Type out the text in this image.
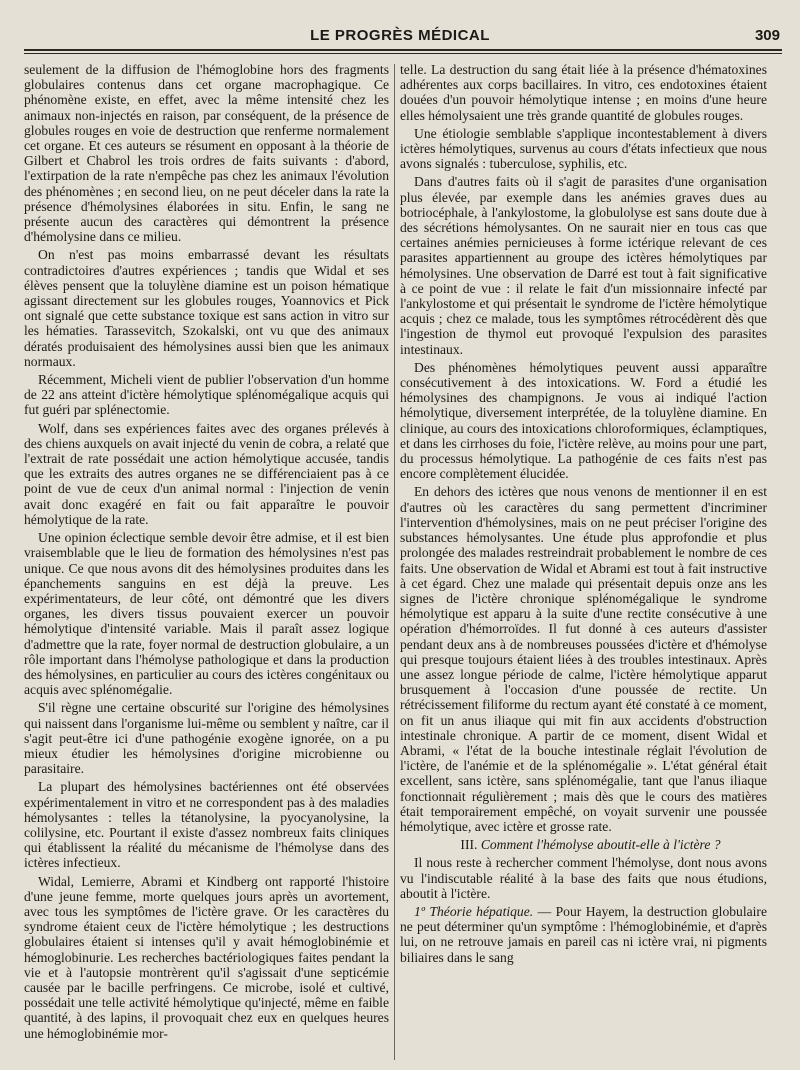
LE PROGRÈS MÉDICAL	309

seulement de la diffusion de l'hémoglobine hors des fragments globulaires contenus dans cet organe macrophagique. Ce phénomène existe, en effet, avec la même intensité chez les animaux non-injectés en raison, par conséquent, de la présence de globules rouges en voie de destruction que renferme normalement cet organe. Et ces auteurs se résument en opposant à la théorie de Gilbert et Chabrol les trois ordres de faits suivants : d'abord, l'extirpation de la rate n'empêche pas chez les animaux l'évolution des phénomènes ; en second lieu, on ne peut déceler dans la rate la présence d'hémolysines élaborées in situ. Enfin, le sang ne présente aucun des caractères qui démontrent la présence d'hémolysine dans ce milieu.

On n'est pas moins embarrassé devant les résultats contradictoires d'autres expériences ; tandis que Widal et ses élèves pensent que la toluylène diamine est un poison hématique agissant directement sur les globules rouges, Yoannovics et Pick ont signalé que cette substance toxique est sans action in vitro sur les hématies. Tarassevitch, Szokalski, ont vu que des animaux dératés produisaient des hémolysines aussi bien que les animaux normaux.

Récemment, Micheli vient de publier l'observation d'un homme de 22 ans atteint d'ictère hémolytique splénomégalique acquis qui fut guéri par splénectomie.

Wolf, dans ses expériences faites avec des organes prélevés à des chiens auxquels on avait injecté du venin de cobra, a relaté que l'extrait de rate possédait une action hémolytique accusée, tandis que les extraits des autres organes ne se différenciaient pas à ce point de vue de ceux d'un animal normal : l'injection de venin avait donc exagéré en fait ou fait apparaître le pouvoir hémolytique de la rate.

Une opinion éclectique semble devoir être admise, et il est bien vraisemblable que le lieu de formation des hémolysines n'est pas unique. Ce que nous avons dit des hémolysines produites dans les épanchements sanguins en est déjà la preuve. Les expérimentateurs, de leur côté, ont démontré que les divers organes, les divers tissus pouvaient exercer un pouvoir hémolytique d'intensité variable. Mais il paraît assez logique d'admettre que la rate, foyer normal de destruction globulaire, a un rôle important dans l'hémolyse pathologique et dans la production des hémolysines, en particulier au cours des ictères congénitaux ou acquis avec splénomégalie.

S'il règne une certaine obscurité sur l'origine des hémolysines qui naissent dans l'organisme lui-même ou semblent y naître, car il s'agit peut-être ici d'une pathogénie exogène ignorée, on a pu mieux étudier les hémolysines d'origine microbienne ou parasitaire.

La plupart des hémolysines bactériennes ont été observées expérimentalement in vitro et ne correspondent pas à des maladies hémolysantes : telles la tétanolysine, la pyocyanolysine, la colilysine, etc. Pourtant il existe d'assez nombreux faits cliniques qui établissent la réalité du mécanisme de l'hémolyse dans des ictères infectieux.

Widal, Lemierre, Abrami et Kindberg ont rapporté l'histoire d'une jeune femme, morte quelques jours après un avortement, avec tous les symptômes de l'ictère grave. Or les caractères du syndrome étaient ceux de l'ictère hémolytique ; les destructions globulaires étaient si intenses qu'il y avait hémoglobinémie et hémoglobinurie. Les recherches bactériologiques faites pendant la vie et à l'autopsie montrèrent qu'il s'agissait d'une septicémie causée par le bacille perfringens. Ce microbe, isolé et cultivé, possédait une telle activité hémolytique qu'injecté, même en faible quantité, à des lapins, il provoquait chez eux en quelques heures une hémoglobinémie mor-

telle. La destruction du sang était liée à la présence d'hématoxines adhérentes aux corps bacillaires. In vitro, ces endotoxines étaient douées d'un pouvoir hémolytique intense ; en moins d'une heure elles hémolysaient une très grande quantité de globules rouges.

Une étiologie semblable s'applique incontestablement à divers ictères hémolytiques, survenus au cours d'états infectieux que nous avons signalés : tuberculose, syphilis, etc.

Dans d'autres faits où il s'agit de parasites d'une organisation plus élevée, par exemple dans les anémies graves dues au botriocéphale, à l'ankylostome, la globulolyse est sans doute due à des sécrétions hémolysantes. On ne saurait nier en tous cas que certaines anémies pernicieuses à forme ictérique relevant de ces parasites appartiennent au groupe des ictères hémolytiques par hémolysines. Une observation de Darré est tout à fait significative à ce point de vue : il relate le fait d'un missionnaire infecté par l'ankylostome et qui présentait le syndrome de l'ictère hémolytique acquis ; chez ce malade, tous les symptômes rétrocédèrent dès que l'ingestion de thymol eut provoqué l'expulsion des parasites intestinaux.

Des phénomènes hémolytiques peuvent aussi apparaître consécutivement à des intoxications. W. Ford a étudié les hémolysines des champignons. Je vous ai indiqué l'action hémolytique, diversement interprétée, de la toluylène diamine. En clinique, au cours des intoxications chloroformiques, éclamptiques, et dans les cirrhoses du foie, l'ictère relève, au moins pour une part, du processus hémolytique. La pathogénie de ces faits n'est pas encore complètement élucidée.

En dehors des ictères que nous venons de mentionner il en est d'autres où les caractères du sang permettent d'incriminer l'intervention d'hémolysines, mais on ne peut préciser l'origine des substances hémolysantes. Une étude plus approfondie et plus prolongée des malades restreindrait probablement le nombre de ces faits. Une observation de Widal et Abrami est tout à fait instructive à cet égard. Chez une malade qui présentait depuis onze ans les signes de l'ictère chronique splénomégalique le syndrome hémolytique est apparu à la suite d'une rectite consécutive à une opération d'hémorroïdes. Il fut donné à ces auteurs d'assister pendant deux ans à de nombreuses poussées d'ictère et d'hémolyse qui presque toujours étaient liées à des troubles intestinaux. Après une assez longue période de calme, l'ictère hémolytique apparut brusquement à l'occasion d'une poussée de rectite. Un rétrécissement filiforme du rectum ayant été constaté à ce moment, on fit un anus iliaque qui mit fin aux accidents d'obstruction intestinale chronique. A partir de ce moment, disent Widal et Abrami, « l'état de la bouche intestinale réglait l'évolution de l'ictère, de l'anémie et de la splénomégalie ». L'état général était excellent, sans ictère, sans splénomégalie, tant que l'anus iliaque fonctionnait régulièrement ; mais dès que le cours des matières était temporairement empêché, on voyait survenir une poussée hémolytique, avec ictère et grosse rate.

III. Comment l'hémolyse aboutit-elle à l'ictère ?

Il nous reste à rechercher comment l'hémolyse, dont nous avons vu l'indiscutable réalité à la base des faits que nous étudions, aboutit à l'ictère.

1º Théorie hépatique. — Pour Hayem, la destruction globulaire ne peut déterminer qu'un symptôme : l'hémoglobinémie, et d'après lui, on ne retrouve jamais en pareil cas ni ictère vrai, ni pigments biliaires dans le sang
